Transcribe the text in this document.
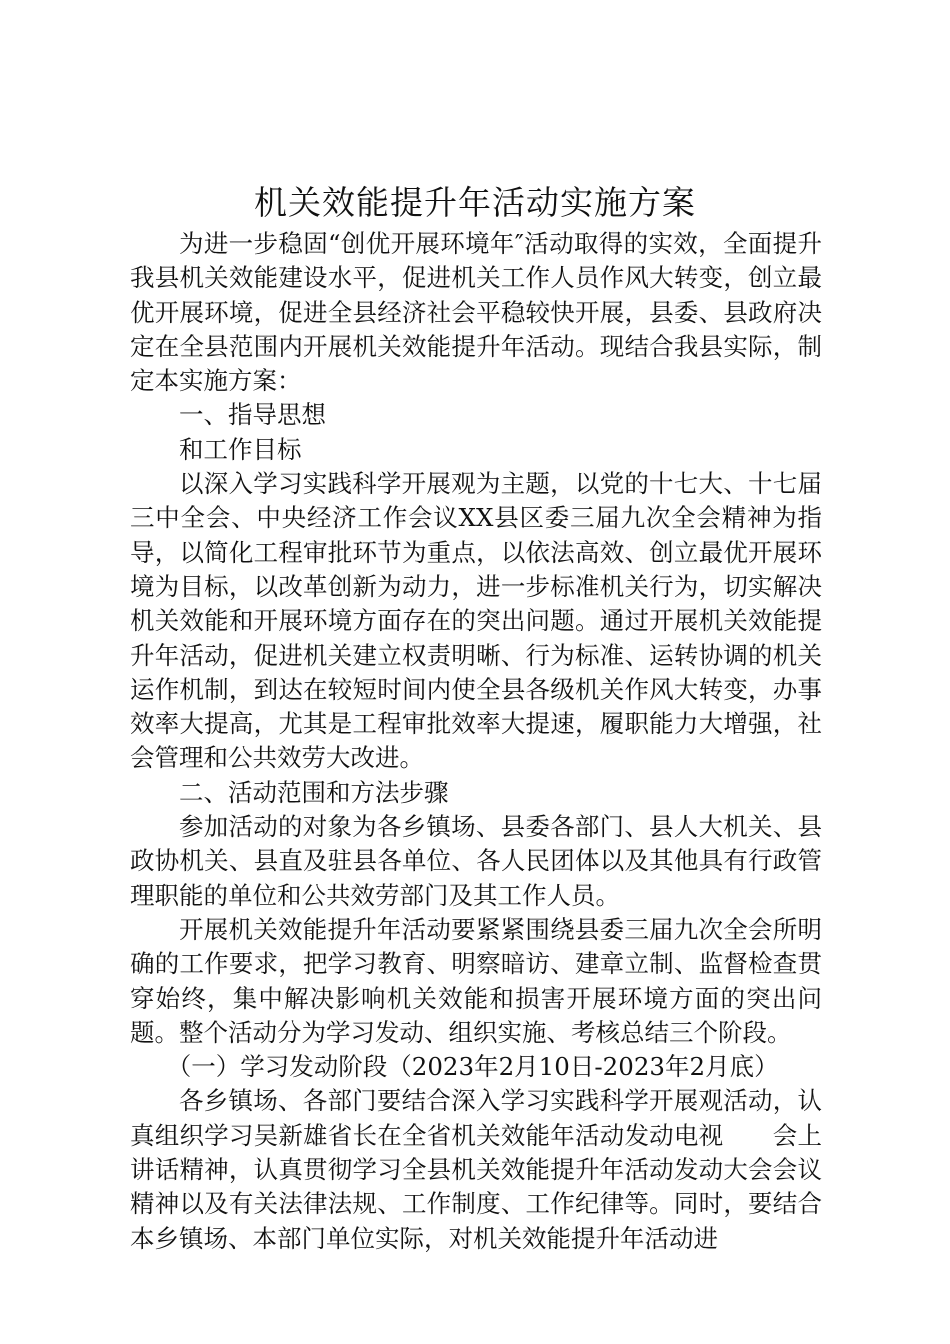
机关效能提升年活动实施方案

为进一步稳固“创优开展环境年″活动取得的实效，全面提升我县机关效能建设水平，促进机关工作人员作风大转变，创立最优开展环境，促进全县经济社会平稳较快开展，县委、县政府决定在全县范围内开展机关效能提升年活动。现结合我县实际，制定本实施方案：

一、指导思想

和工作目标

以深入学习实践科学开展观为主题，以党的十七大、十七届三中全会、中央经济工作会议XX县区委三届九次全会精神为指导，以简化工程审批环节为重点，以依法高效、创立最优开展环境为目标，以改革创新为动力，进一步标准机关行为，切实解决机关效能和开展环境方面存在的突出问题。通过开展机关效能提升年活动，促进机关建立权责明晰、行为标准、运转协调的机关运作机制，到达在较短时间内使全县各级机关作风大转变，办事效率大提高，尤其是工程审批效率大提速，履职能力大增强，社会管理和公共效劳大改进。

二、活动范围和方法步骤

参加活动的对象为各乡镇场、县委各部门、县人大机关、县政协机关、县直及驻县各单位、各人民团体以及其他具有行政管理职能的单位和公共效劳部门及其工作人员。

开展机关效能提升年活动要紧紧围绕县委三届九次全会所明确的工作要求，把学习教育、明察暗访、建章立制、监督检查贯穿始终，集中解决影响机关效能和损害开展环境方面的突出问题。整个活动分为学习发动、组织实施、考核总结三个阶段。

（一）学习发动阶段（2023年2月10日-2023年2月底）

各乡镇场、各部门要结合深入学习实践科学开展观活动，认真组织学习吴新雄省长在全省机关效能年活动发动电视　　会上讲话精神，认真贯彻学习全县机关效能提升年活动发动大会会议精神以及有关法律法规、工作制度、工作纪律等。同时，要结合本乡镇场、本部门单位实际，对机关效能提升年活动进
